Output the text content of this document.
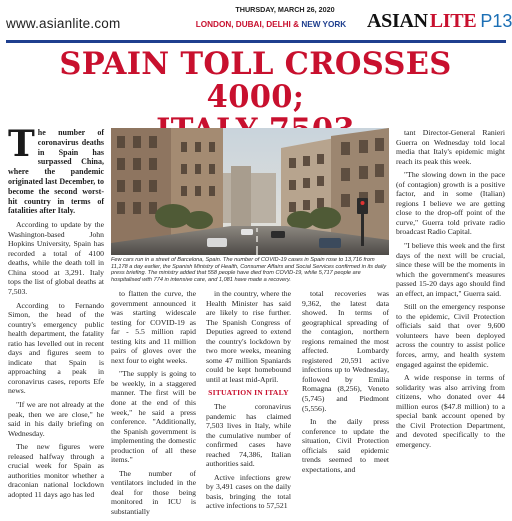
www.asianlite.com
THURSDAY, MARCH 26, 2020
LONDON, DUBAI, DELHI & NEW YORK	ASIAN LITE P13
SPAIN TOLL CROSSES 4000;

The number of coronavirus deaths in Spain has surpassed China, where the pandemic originated last December, to become the second worst-hit country in terms of fatalities after Italy.

According to update by the Washington-based John Hopkins University, Spain has recorded a total of 4100 deaths, while the death toll in China stood at 3,291. Italy tops the list of global deaths at 7,503.

According to Fernando Simon, the head of the country's emergency public health department, the fatality ratio has levelled out in recent days and figures seem to indicate that Spain is approaching a peak in coronavirus cases, reports Efe news.

"If we are not already at the peak, then we are close," he said in his daily briefing on Wednesday.

The new figures were released halfway through a crucial week for Spain as authorities monitor whether a draconian national lockdown adopted 11 days ago has led

Few cars run in a street of Barcelona, Spain. The number of COVID-19 cases in Spain rose to 13,716 from 11,178 a day earlier, the Spanish Ministry of Health, Consumer Affairs and Social Services confirmed in its daily press briefing. The ministry added that 558 people have died from COVID-19, while 5,717 people are hospitalised with 774 in intensive care, and 1,081 have made a recovery.

to flatten the curve, the government announced it was starting widescale testing for COVID-19 as far - 5.5 million rapid testing kits and 11 million pairs of gloves over the next four to eight weeks.

"The supply is going to be weekly, in a staggered manner. The first will be done at the end of this week," he said a press conference. "Additionally, the Spanish government is implementing the domestic production of all these items."

The number of ventilators included in the deal for those being monitored in ICU is substantially

in the country, where the Health Minister has said are likely to rise further. The Spanish Congress of Deputies agreed to extend the country's lockdown by two more weeks, meaning some 47 million Spaniards could be kept homebound until at least mid-April.

SITUATION IN ITALY

The coronavirus pandemic has claimed 7,503 lives in Italy, while the cumulative number of confirmed cases have reached 74,386, Italian authorities said.

Active infections grew by 3,491 cases on the daily basis, bringing the total active infections to 57,521

total recoveries was 9,362, the latest data showed. In terms of geographical spreading of the contagion, northern regions remained the most affected. Lombardy registered 20,591 active infections up to Wednesday, followed by Emilia Romagna (8,256), Veneto (5,745) and Piedmont (5,556).

In the daily press conference to update the situation, Civil Protection officials said epidemic trends seemed to meet expectations, and

tant Director-General Ranieri Guerra on Wednesday told local media that Italy's epidemic might reach its peak this week.

"The slowing down in the pace (of contagion) growth is a positive factor, and in some (Italian) regions I believe we are getting close to the drop-off point of the curve," Guerra told private radio broadcast Radio Capital.

"I believe this week and the first days of the next will be crucial, since these will be the moments in which the government's measures passed 15-20 days ago should find an effect, an impact," Guerra said.

Still on the emergency response to the epidemic, Civil Protection officials said that over 9,600 volunteers have been deployed across the country to assist police forces, army, and health system engaged against the epidemic.

A wide response in terms of solidarity was also arriving from citizens, who donated over 44 million euros ($47.8 million) to a special bank account opened by the Civil Protection Department, and devoted specifically to the emergency.
